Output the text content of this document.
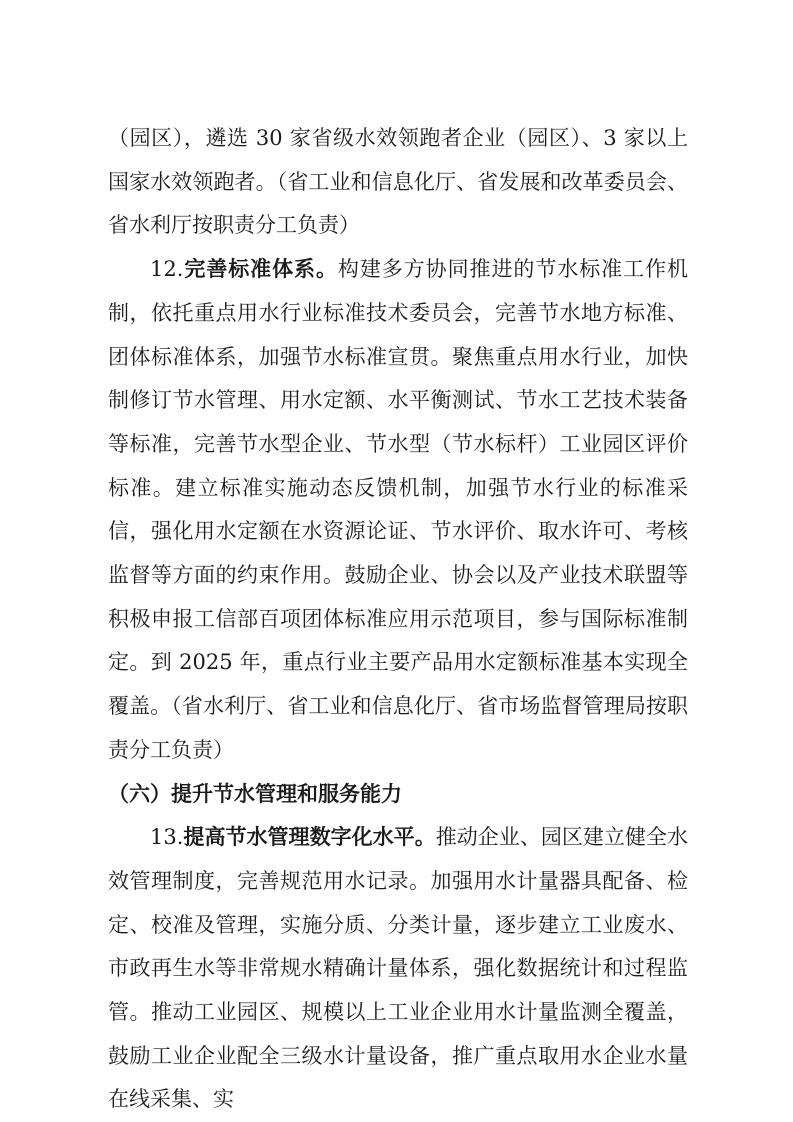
（园区），遴选 30 家省级水效领跑者企业（园区）、3 家以上国家水效领跑者。（省工业和信息化厅、省发展和改革委员会、省水利厅按职责分工负责）

12.完善标准体系。构建多方协同推进的节水标准工作机制，依托重点用水行业标准技术委员会，完善节水地方标准、团体标准体系，加强节水标准宣贯。聚焦重点用水行业，加快制修订节水管理、用水定额、水平衡测试、节水工艺技术装备等标准，完善节水型企业、节水型（节水标杆）工业园区评价标准。建立标准实施动态反馈机制，加强节水行业的标准采信，强化用水定额在水资源论证、节水评价、取水许可、考核监督等方面的约束作用。鼓励企业、协会以及产业技术联盟等积极申报工信部百项团体标准应用示范项目，参与国际标准制定。到 2025 年，重点行业主要产品用水定额标准基本实现全覆盖。（省水利厅、省工业和信息化厅、省市场监督管理局按职责分工负责）

（六）提升节水管理和服务能力

13.提高节水管理数字化水平。推动企业、园区建立健全水效管理制度，完善规范用水记录。加强用水计量器具配备、检定、校准及管理，实施分质、分类计量，逐步建立工业废水、市政再生水等非常规水精确计量体系，强化数据统计和过程监管。推动工业园区、规模以上工业企业用水计量监测全覆盖，鼓励工业企业配全三级水计量设备，推广重点取用水企业水量在线采集、实
